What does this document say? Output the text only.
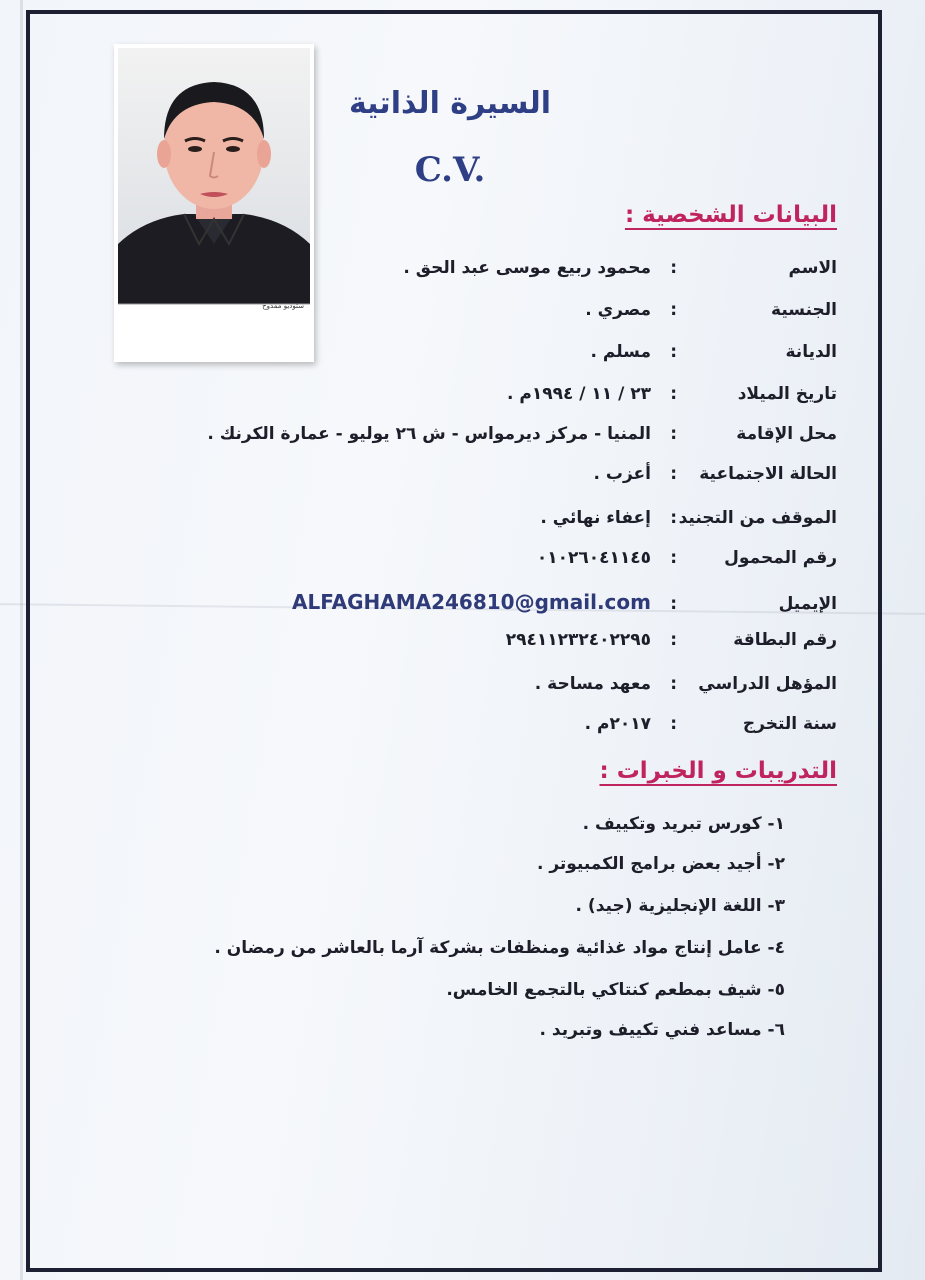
ستوديو ممدوح
السيرة الذاتية
C.V.
البيانات الشخصية :
الاسم
:
محمود ربيع موسى عبد الحق .
الجنسية
:
مصري .
الديانة
:
مسلم .
تاريخ الميلاد
:
٢٣ / ١١ / ١٩٩٤م .
محل الإقامة
:
المنيا - مركز ديرمواس - ش ٢٦ يوليو - عمارة الكرنك .
الحالة الاجتماعية
:
أعزب .
الموقف من التجنيد
:
إعفاء نهائي .
رقم المحمول
:
٠١٠٢٦٠٤١١٤٥
الإيميل
:
ALFAGHAMA246810@gmail.com
رقم البطاقة
:
٢٩٤١١٢٣٢٤٠٢٢٩٥
المؤهل الدراسي
:
معهد مساحة .
سنة التخرج
:
٢٠١٧م .
التدريبات و الخبرات :
١- كورس تبريد وتكييف .
٢- أجيد بعض برامج الكمبيوتر .
٣- اللغة الإنجليزية (جيد) .
٤- عامل إنتاج مواد غذائية ومنظفات بشركة آرما بالعاشر من رمضان .
٥- شيف بمطعم كنتاكي بالتجمع الخامس.
٦- مساعد فني تكييف وتبريد .
